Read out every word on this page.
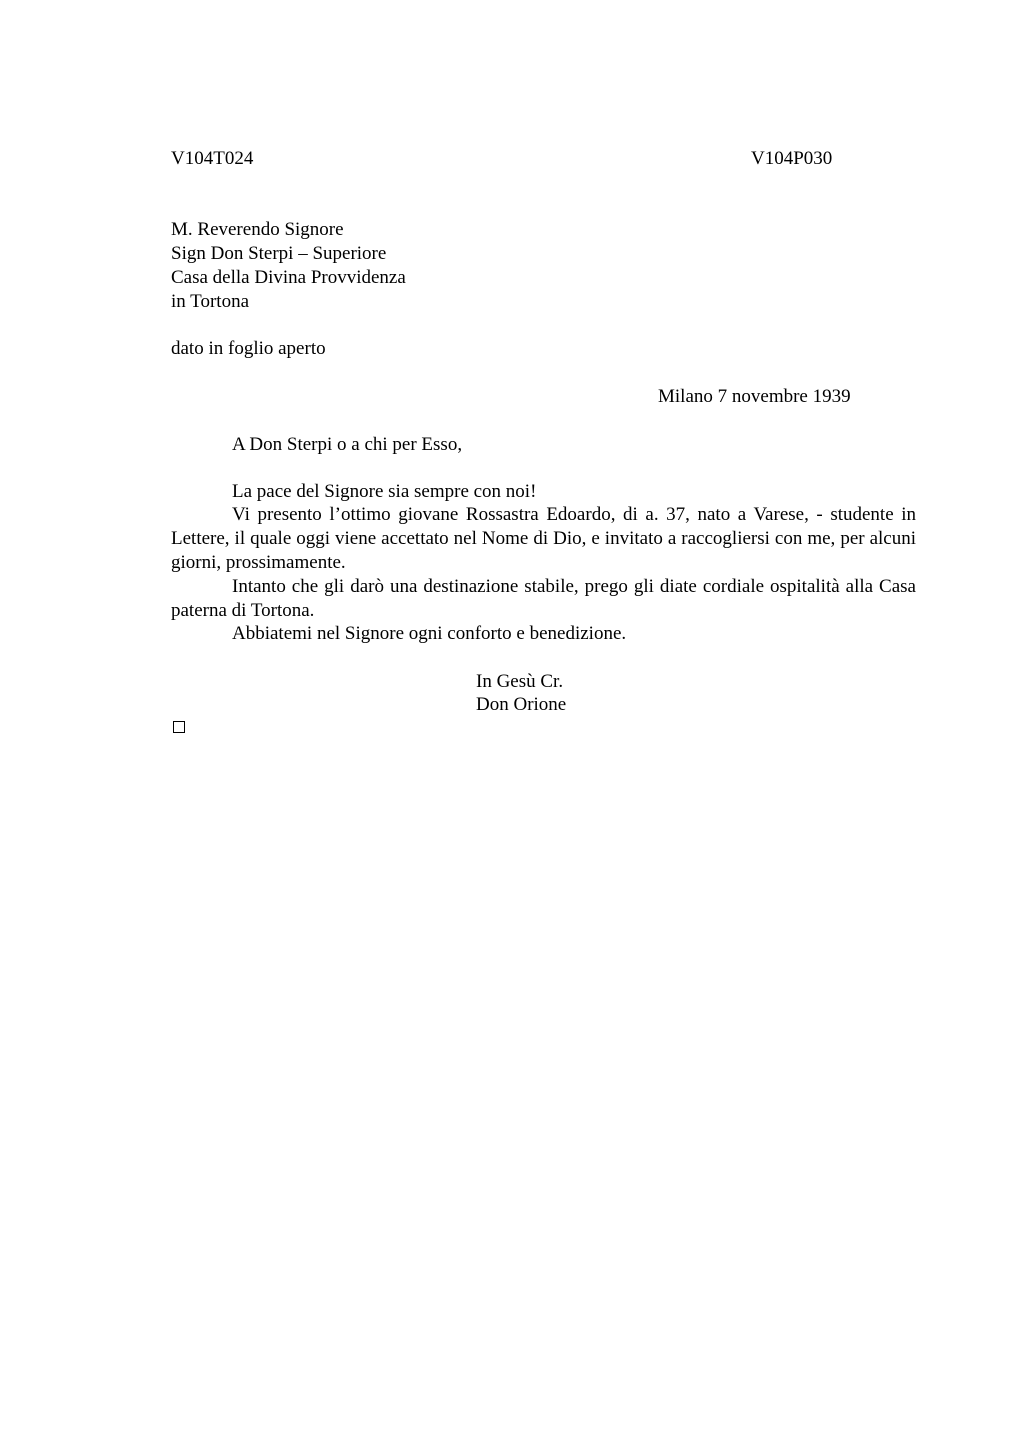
V104T024	V104P030
M. Reverendo Signore
Sign Don Sterpi – Superiore
Casa della Divina Provvidenza
in Tortona
dato in foglio aperto
Milano 7 novembre 1939
A Don Sterpi o a chi per Esso,

La pace del Signore sia sempre con noi!

Vi presento l’ottimo giovane Rossastra Edoardo, di a. 37, nato a Varese, - studente in Lettere, il quale oggi viene accettato nel Nome di Dio, e invitato a raccogliersi con me, per alcuni giorni, prossimamente.

Intanto che gli darò una destinazione stabile, prego gli diate cordiale ospitalità alla Casa paterna di Tortona.

Abbiatemi nel Signore ogni conforto e benedizione.

In Gesù Cr.
Don Orione
